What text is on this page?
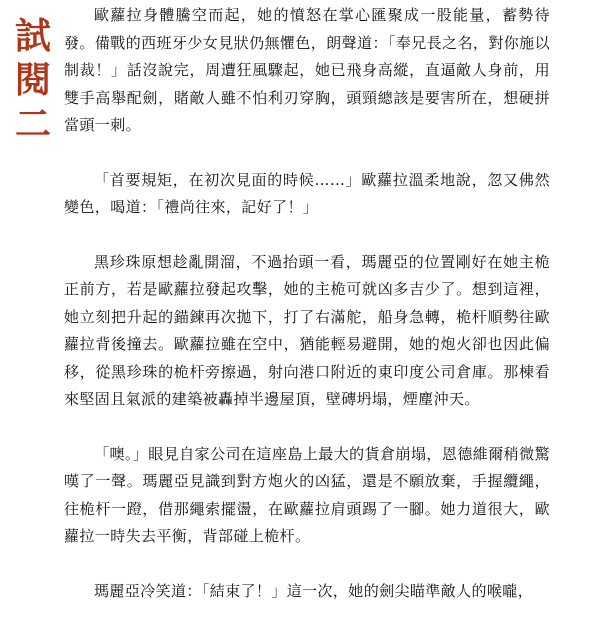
試
閱
二

歐蘿拉身體騰空而起，她的憤怒在掌心匯聚成一股能量，蓄勢待發。備戰的西班牙少女見狀仍無懼色，朗聲道：「奉兄長之名，對你施以制裁！」話沒說完，周遭狂風驟起，她已飛身高縱，直逼敵人身前，用雙手高舉配劍，賭敵人雖不怕利刃穿胸，頭頸總該是要害所在，想硬拼當頭一刺。

「首要規矩，在初次見面的時候……」歐蘿拉溫柔地說，忽又佛然變色，喝道：「禮尚往來，記好了！」

黑珍珠原想趁亂開溜，不過抬頭一看，瑪麗亞的位置剛好在她主桅正前方，若是歐蘿拉發起攻擊，她的主桅可就凶多吉少了。想到這裡，她立刻把升起的錨鍊再次拋下，打了右滿舵，船身急轉，桅杆順勢往歐蘿拉背後撞去。歐蘿拉雖在空中，猶能輕易避開，她的炮火卻也因此偏移，從黑珍珠的桅杆旁擦過，射向港口附近的東印度公司倉庫。那棟看來堅固且氣派的建築被轟掉半邊屋頂，壁磚坍塌，煙塵沖天。

「噢。」眼見自家公司在這座島上最大的貨倉崩塌，恩德維爾稍微驚嘆了一聲。瑪麗亞見識到對方炮火的凶猛，還是不願放棄，手握纜繩，往桅杆一蹬，借那繩索擺盪，在歐蘿拉肩頭踢了一腳。她力道很大，歐蘿拉一時失去平衡，背部碰上桅杆。

瑪麗亞冷笑道：「結束了！」這一次，她的劍尖瞄準敵人的喉嚨，
